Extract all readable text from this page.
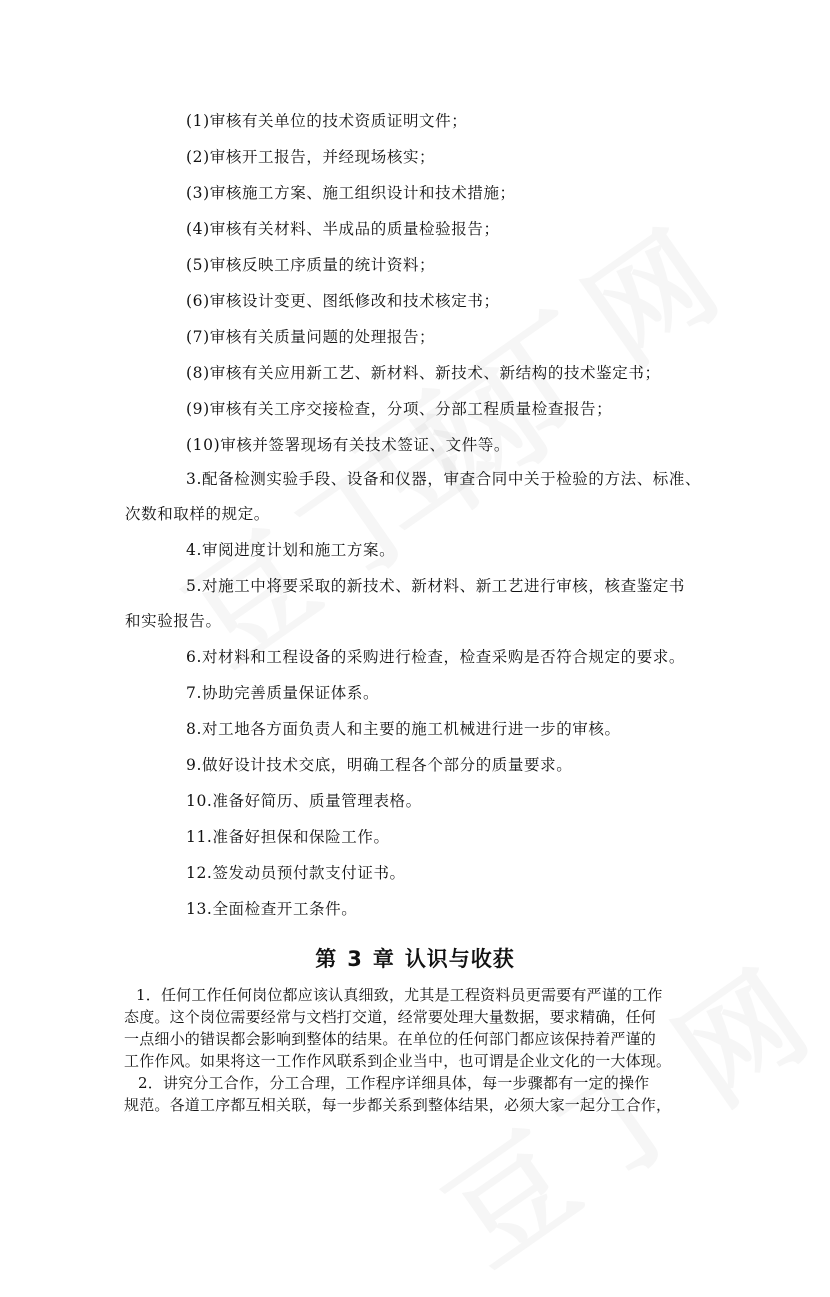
(1)审核有关单位的技术资质证明文件；
(2)审核开工报告，并经现场核实；
(3)审核施工方案、施工组织设计和技术措施；
(4)审核有关材料、半成品的质量检验报告；
(5)审核反映工序质量的统计资料；
(6)审核设计变更、图纸修改和技术核定书；
(7)审核有关质量问题的处理报告；
(8)审核有关应用新工艺、新材料、新技术、新结构的技术鉴定书；
(9)审核有关工序交接检查，分项、分部工程质量检查报告；
(10)审核并签署现场有关技术签证、文件等。
3.配备检测实验手段、设备和仪器，审查合同中关于检验的方法、标准、
次数和取样的规定。
4.审阅进度计划和施工方案。
5.对施工中将要采取的新技术、新材料、新工艺进行审核，核查鉴定书
和实验报告。
6.对材料和工程设备的采购进行检查，检查采购是否符合规定的要求。
7.协助完善质量保证体系。
8.对工地各方面负责人和主要的施工机械进行进一步的审核。
9.做好设计技术交底，明确工程各个部分的质量要求。
10.准备好简历、质量管理表格。
11.准备好担保和保险工作。
12.签发动员预付款支付证书。
13.全面检查开工条件。
第 3 章 认识与收获
1．任何工作任何岗位都应该认真细致，尤其是工程资料员更需要有严谨的工作
态度。这个岗位需要经常与文档打交道，经常要处理大量数据，要求精确，任何
一点细小的错误都会影响到整体的结果。在单位的任何部门都应该保持着严谨的
工作作风。如果将这一工作作风联系到企业当中，也可谓是企业文化的一大体现。
2．讲究分工合作，分工合理，工作程序详细具体，每一步骤都有一定的操作
规范。各道工序都互相关联，每一步都关系到整体结果，必须大家一起分工合作，
